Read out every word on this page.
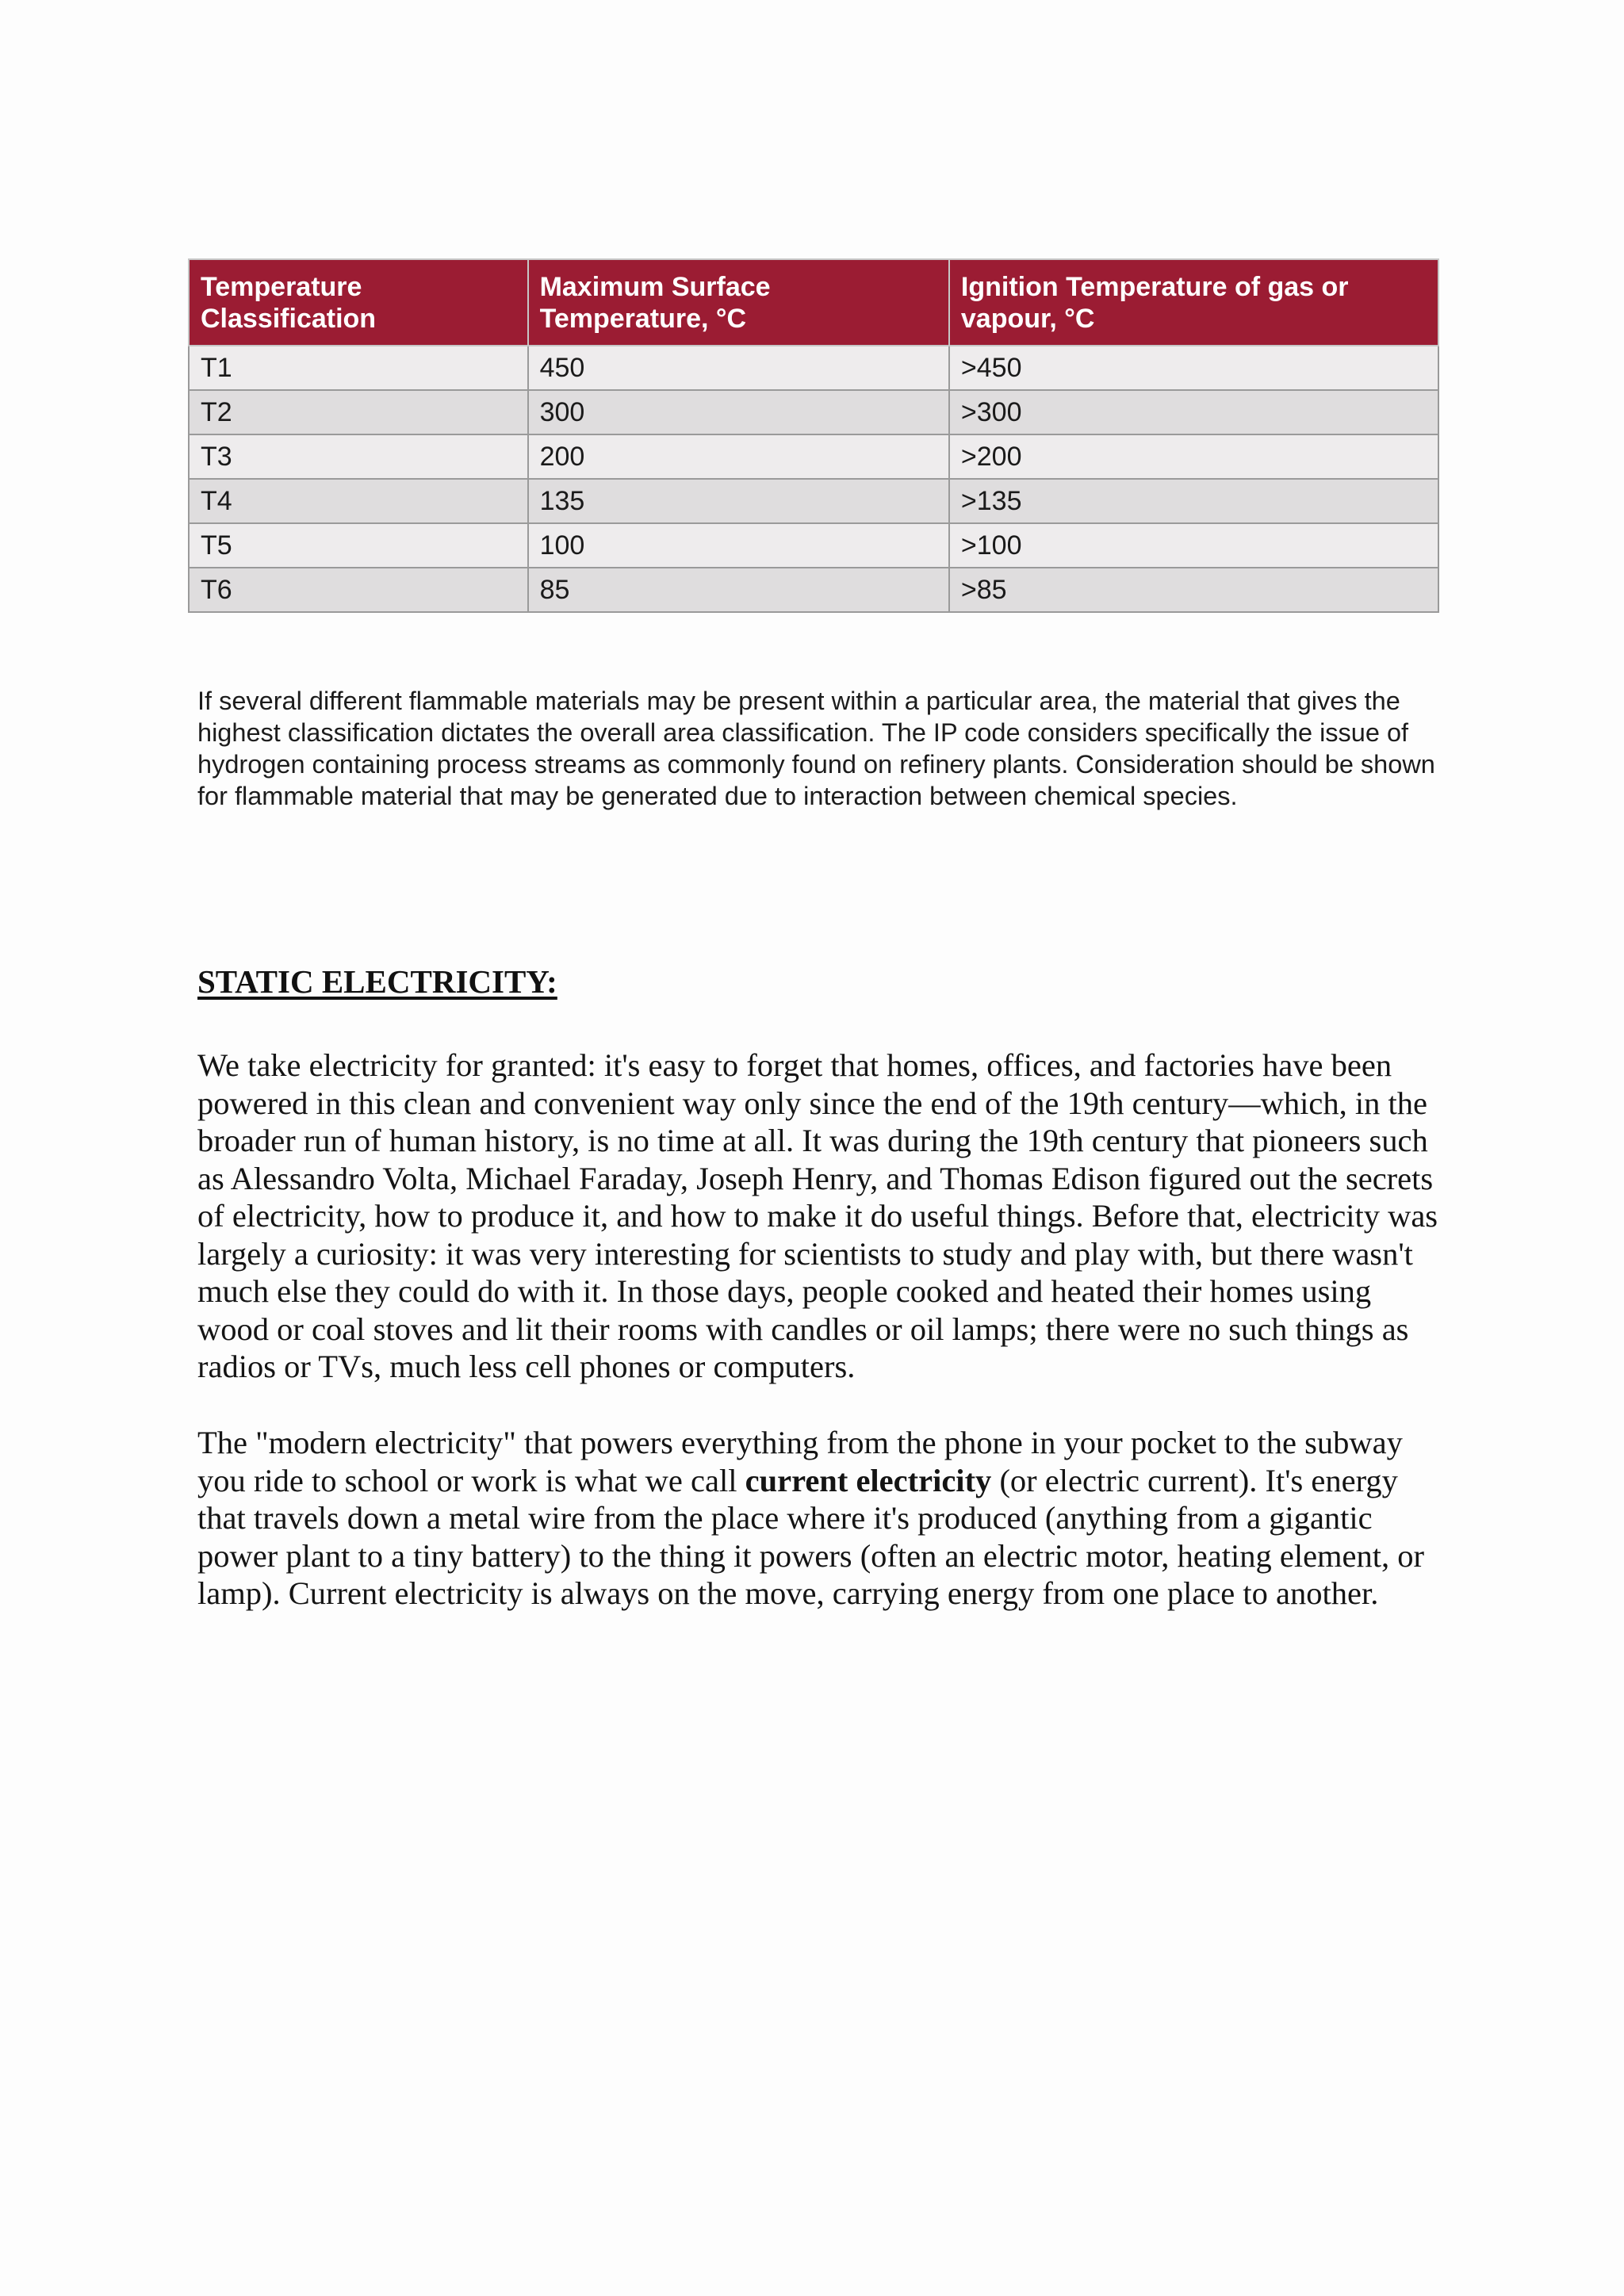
Temperature Classification	Maximum Surface Temperature, °C	Ignition Temperature of gas or vapour, °C
T1	450	>450
T2	300	>300
T3	200	>200
T4	135	>135
T5	100	>100
T6	85	>85

If several different flammable materials may be present within a particular area, the material that gives the highest classification dictates the overall area classification. The IP code considers specifically the issue of hydrogen containing process streams as commonly found on refinery plants. Consideration should be shown for flammable material that may be generated due to interaction between chemical species.

STATIC ELECTRICITY:

We take electricity for granted: it's easy to forget that homes, offices, and factories have been powered in this clean and convenient way only since the end of the 19th century—which, in the broader run of human history, is no time at all. It was during the 19th century that pioneers such as Alessandro Volta, Michael Faraday, Joseph Henry, and Thomas Edison figured out the secrets of electricity, how to produce it, and how to make it do useful things. Before that, electricity was largely a curiosity: it was very interesting for scientists to study and play with, but there wasn't much else they could do with it. In those days, people cooked and heated their homes using wood or coal stoves and lit their rooms with candles or oil lamps; there were no such things as radios or TVs, much less cell phones or computers.

The "modern electricity" that powers everything from the phone in your pocket to the subway you ride to school or work is what we call current electricity (or electric current). It's energy that travels down a metal wire from the place where it's produced (anything from a gigantic power plant to a tiny battery) to the thing it powers (often an electric motor, heating element, or lamp). Current electricity is always on the move, carrying energy from one place to another.
